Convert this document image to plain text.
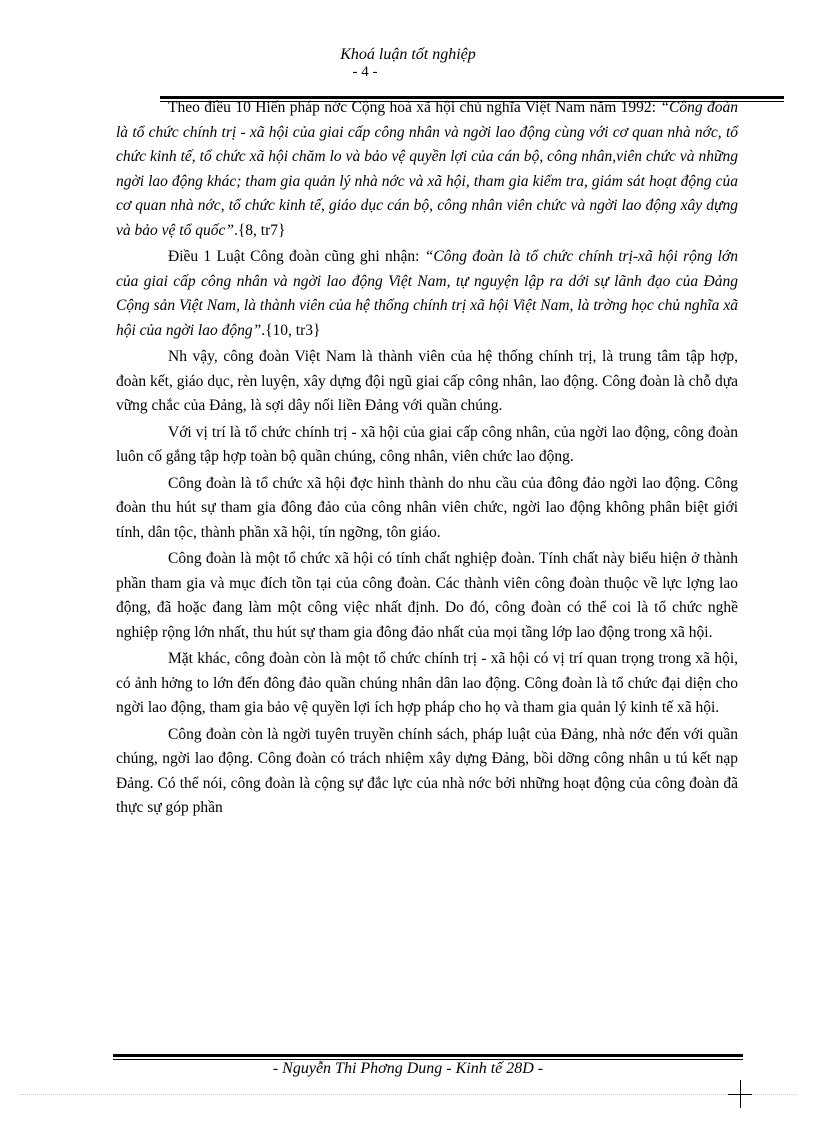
Khoá luận tốt nghiệp
- 4 -

Theo điều 10 Hiến pháp nớc Cộng hoà xã hội chủ nghĩa Việt Nam năm 1992: “Công đoàn là tổ chức chính trị - xã hội của giai cấp công nhân và ngời lao động cùng với cơ quan nhà nớc, tổ chức kinh tế, tổ chức xã hội chăm lo và bảo vệ quyền lợi của cán bộ, công nhân,viên chức và những ngời lao động khác; tham gia quản lý nhà nớc và xã hội, tham gia kiểm tra, giám sát hoạt động của cơ quan nhà nớc, tổ chức kinh tế, giáo dục cán bộ, công nhân viên chức và ngời lao động xây dựng và bảo vệ tổ quốc”.{8, tr7}

Điều 1 Luật Công đoàn cũng ghi nhận: “Công đoàn là tổ chức chính trị-xã hội rộng lớn của giai cấp công nhân và ngời lao động Việt Nam, tự nguyện lập ra dới sự lãnh đạo của Đảng Cộng sản Việt Nam, là thành viên của hệ thống chính trị xã hội Việt Nam, là trờng học chủ nghĩa xã hội của ngời lao động”.{10, tr3}

Nh vậy, công đoàn Việt Nam là thành viên của hệ thống chính trị, là trung tâm tập hợp, đoàn kết, giáo dục, rèn luyện, xây dựng đội ngũ giai cấp công nhân, lao động. Công đoàn là chỗ dựa vững chắc của Đảng, là sợi dây nối liền Đảng với quần chúng.

Với vị trí là tổ chức chính trị - xã hội của giai cấp công nhân, của ngời lao động, công đoàn luôn cố gắng tập hợp toàn bộ quần chúng, công nhân, viên chức lao động.

Công đoàn là tổ chức xã hội đợc hình thành do nhu cầu của đông đảo ngời lao động. Công đoàn thu hút sự tham gia đông đảo của công nhân viên chức, ngời lao động không phân biệt giới tính, dân tộc, thành phần xã hội, tín ngỡng, tôn giáo.

Công đoàn là một tổ chức xã hội có tính chất nghiệp đoàn. Tính chất này biểu hiện ở thành phần tham gia và mục đích tồn tại của công đoàn. Các thành viên công đoàn thuộc về lực lợng lao động, đã hoặc đang làm một công việc nhất định. Do đó, công đoàn có thể coi là tổ chức nghề nghiệp rộng lớn nhất, thu hút sự tham gia đông đảo nhất của mọi tầng lớp lao động trong xã hội.

Mặt khác, công đoàn còn là một tổ chức chính trị - xã hội có vị trí quan trọng trong xã hội, có ảnh hởng to lớn đến đông đảo quần chúng nhân dân lao động. Công đoàn là tổ chức đại diện cho ngời lao động, tham gia bảo vệ quyền lợi ích hợp pháp cho họ và tham gia quản lý kinh tế xã hội.

Công đoàn còn là ngời tuyên truyền chính sách, pháp luật của Đảng, nhà nớc đến với quần chúng, ngời lao động. Công đoàn có trách nhiệm xây dựng Đảng, bồi dỡng công nhân u tú kết nạp Đảng. Có thể nói, công đoàn là cộng sự đắc lực của nhà nớc bởi những hoạt động của công đoàn đã thực sự góp phần

- Nguyễn Thi Phơng Dung - Kinh tế 28D -
